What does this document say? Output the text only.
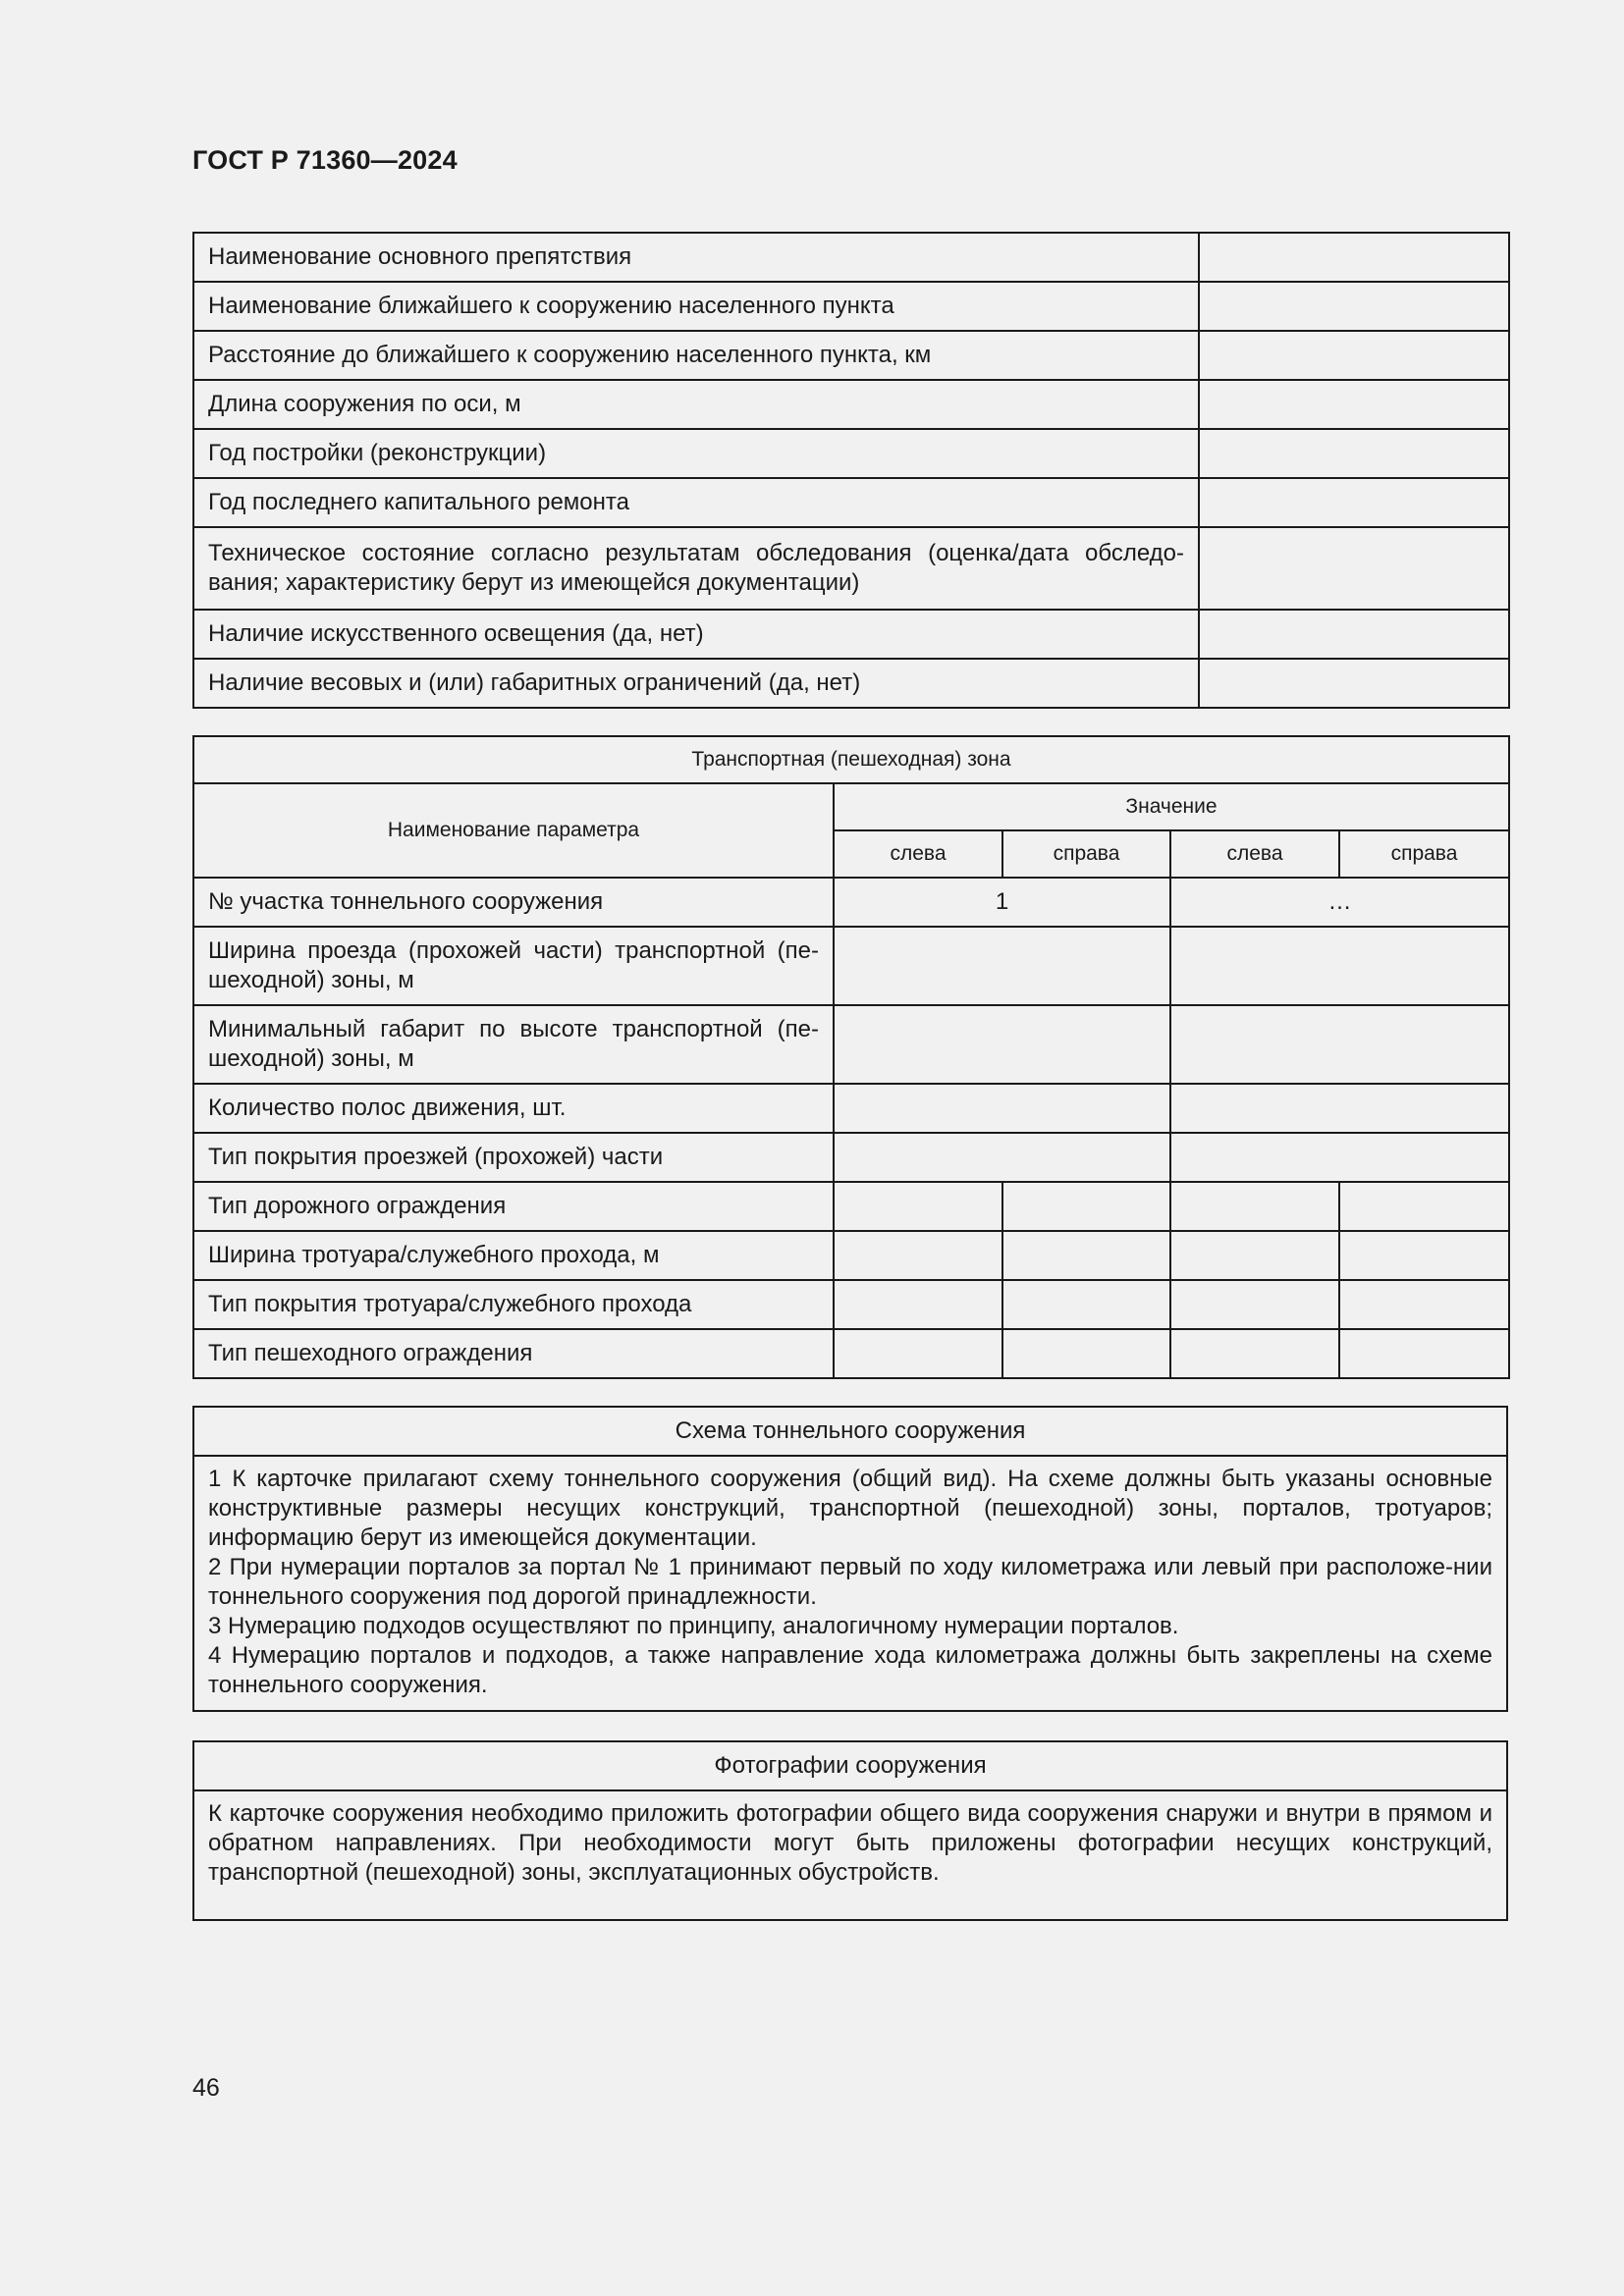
ГОСТ Р 71360—2024
Наименование основного препятствия	
Наименование ближайшего к сооружению населенного пункта	
Расстояние до ближайшего к сооружению населенного пункта, км	
Длина сооружения по оси, м	
Год постройки (реконструкции)	
Год последнего капитального ремонта	
Техническое состояние согласно результатам обследования (оценка/дата обследо-вания; характеристику берут из имеющейся документации)	
Наличие искусственного освещения (да, нет)	
Наличие весовых и (или) габаритных ограничений (да, нет)	
Транспортная (пешеходная) зона				
Наименование параметра	Значение			
	слева	справа	слева	справа
№ участка тоннельного сооружения	1		…	
Ширина проезда (прохожей части) транспортной (пе-шеходной) зоны, м				
Минимальный габарит по высоте транспортной (пе-шеходной) зоны, м				
Количество полос движения, шт.				
Тип покрытия проезжей (прохожей) части				
Тип дорожного ограждения				
Ширина тротуара/служебного прохода, м				
Тип покрытия тротуара/служебного прохода				
Тип пешеходного ограждения				
Схема тоннельного сооружения

1 К карточке прилагают схему тоннельного сооружения (общий вид). На схеме должны быть указаны основные конструктивные размеры несущих конструкций, транспортной (пешеходной) зоны, порталов, тротуаров; информацию берут из имеющейся документации.

2 При нумерации порталов за портал № 1 принимают первый по ходу километража или левый при расположе-нии тоннельного сооружения под дорогой принадлежности.

3 Нумерацию подходов осуществляют по принципу, аналогичному нумерации порталов.

4 Нумерацию порталов и подходов, а также направление хода километража должны быть закреплены на схеме тоннельного сооружения.

Фотографии сооружения

К карточке сооружения необходимо приложить фотографии общего вида сооружения снаружи и внутри в прямом и обратном направлениях. При необходимости могут быть приложены фотографии несущих конструкций, транспортной (пешеходной) зоны, эксплуатационных обустройств.

46
